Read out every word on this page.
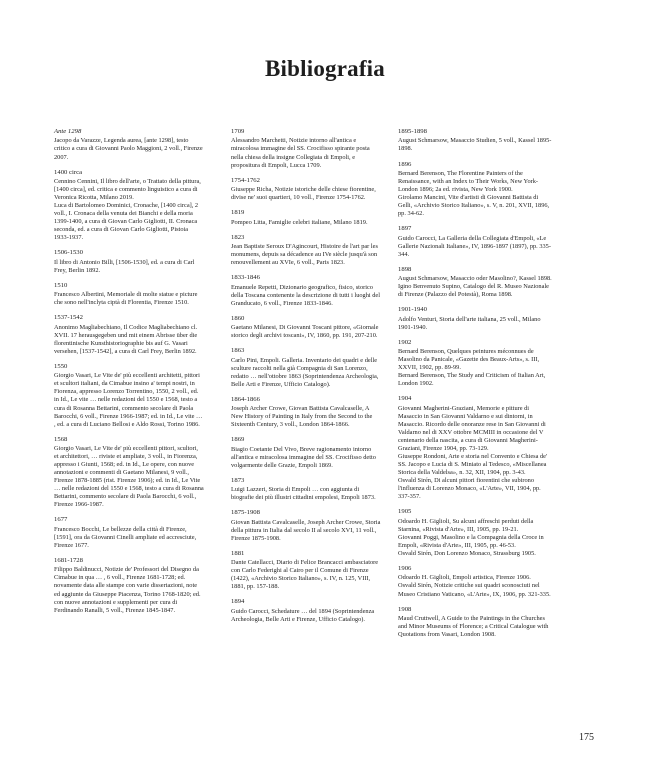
Bibliografia
Ante 1298
Jacopo da Varazze, Legenda aurea, [ante 1298], testo critico a cura di Giovanni Paolo Maggioni, 2 voll., Firenze 2007.
1400 circa
Cennino Cennini, Il libro dell'arte, o Trattato della pittura, [1400 circa], ed. critica e commento linguistico a cura di Veronica Ricotta, Milano 2019.
Luca di Bartolomeo Dominici, Cronache, [1400 circa], 2 voll., I. Cronaca della venuta dei Bianchi e della moria 1399-1400, a cura di Giovan Carlo Gigliotti, II. Cronaca seconda, ed. a cura di Giovan Carlo Gigliotti, Pistoia 1933-1937.
1506-1530
Il libro di Antonio Billi, [1506-1530], ed. a cura di Carl Frey, Berlin 1892.
1510
Francesco Albertini, Memoriale di molte statue e picture che sono nell'inclyta ciptà di Florentia, Firenze 1510.
1537-1542
Anonimo Magliabechiano, Il Codice Magliabechiano cl. XVII. 17 herausgegeben und mit einem Abrisse über die florentinische Kunsthistoriographie bis auf G. Vasari versehen, [1537-1542], a cura di Carl Frey, Berlin 1892.
1550
Giorgio Vasari, Le Vite de' più eccellenti architetti, pittori et scultori italiani, da Cimabue insino a' tempi nostri, in Fiorenza, appresso Lorenzo Torrentino, 1550, 2 voll., ed. in Id., Le vite … nelle redazioni del 1550 e 1568, testo a cura di Rosanna Bettarini, commento secolare di Paola Barocchi, 6 voll., Firenze 1966-1987; ed. in Id., Le vite … , ed. a cura di Luciano Bellosi e Aldo Rossi, Torino 1986.
1568
Giorgio Vasari, Le Vite de' più eccellenti pittori, scultori, et architettori, … riviste et ampliate, 3 voll., in Fiorenza, appresso i Giunti, 1568; ed. in Id., Le opere, con nuove annotazioni e commenti di Gaetano Milanesi, 9 voll., Firenze 1878-1885 (rist. Firenze 1906); ed. in Id., Le Vite … nelle redazioni del 1550 e 1568, testo a cura di Rosanna Bettarini, commento secolare di Paola Barocchi, 6 voll., Firenze 1966-1987.
1677
Francesco Bocchi, Le bellezze della città di Firenze, [1591], ora da Giovanni Cinelli ampliate ed accresciute, Firenze 1677.
1681-1728
Filippo Baldinucci, Notizie de' Professori del Disegno da Cimabue in qua … , 6 voll., Firenze 1681-1728; ed. novamente data alle stampe con varie dissertazioni, note ed aggiunte da Giuseppe Piacenza, Torino 1768-1820; ed. con nuove annotazioni e supplementi per cura di Ferdinando Ranalli, 5 voll., Firenze 1845-1847.
1709
Alessandro Marchetti, Notizie intorno all'antica e miracolosa immagine del SS. Crocifisso spirante posta nella chiesa della insigne Collegiata di Empoli, e propositura di Empoli, Lucca 1709.
1754-1762
Giuseppe Richa, Notizie istoriche delle chiese fiorentine, divise ne' suoi quartieri, 10 voll., Firenze 1754-1762.
1819
Pompeo Litta, Famiglie celebri italiane, Milano 1819.
1823
Jean Baptiste Seroux D'Agincourt, Histoire de l'art par les monumens, depuis sa décadence au IVe siècle jusqu'à son renouvellement au XVIe, 6 voll., Paris 1823.
1833-1846
Emanuele Repetti, Dizionario geografico, fisico, storico della Toscana contenente la descrizione di tutti i luoghi del Granducato, 6 voll., Firenze 1833-1846.
1860
Gaetano Milanesi, Di Giovanni Toscani pittore, «Giornale storico degli archivi toscani», IV, 1860, pp. 191, 207-210.
1863
Carlo Pini, Empoli. Galleria. Inventario dei quadri e delle sculture raccolti nella già Compagnia di San Lorenzo, redatto … nell'ottobre 1863 (Soprintendenza Archeologia, Belle Arti e Firenze, Ufficio Catalogo).
1864-1866
Joseph Archer Crowe, Giovan Battista Cavalcaselle, A New History of Painting in Italy from the Second to the Sixteenth Century, 3 voll., London 1864-1866.
1869
Biagio Coetante Del Vivo, Breve ragionamento intorno all'antica e miracolosa immagine del SS. Crocifisso detto volgarmente delle Grazie, Empoli 1869.
1873
Luigi Lazzeri, Storia di Empoli … con aggiunta di biografie dei più illustri cittadini empolesi, Empoli 1873.
1875-1908
Giovan Battista Cavalcaselle, Joseph Archer Crowe, Storia della pittura in Italia dal secolo II al secolo XVI, 11 voll., Firenze 1875-1908.
1881
Dante Catellacci, Diario di Felice Brancacci ambasciatore con Carlo Federighi al Cairo per il Comune di Firenze (1422), «Archivio Storico Italiano», s. IV, n. 125, VIII, 1881, pp. 157-188.
1894
Guido Carocci, Schedature … del 1894 (Soprintendenza Archeologia, Belle Arti e Firenze, Ufficio Catalogo).
1895-1898
August Schmarsow, Masaccio Studien, 5 voll., Kassel 1895-1898.
1896
Bernard Berenson, The Florentine Painters of the Renaissance, with an Index to Their Works, New York-London 1896; 2a ed. rivista, New York 1900.
Girolamo Mancini, Vite d'artisti di Giovanni Battista di Gelli, «Archivio Storico Italiano», s. V, n. 201, XVII, 1896, pp. 34-62.
1897
Guido Carocci, La Galleria della Collegiata d'Empoli, «Le Gallerie Nazionali Italiane», IV, 1896-1897 (1897), pp. 335-344.
1898
August Schmarsow, Masaccio oder Masolino?, Kassel 1898.
Igino Benvenuto Supino, Catalogo del R. Museo Nazionale di Firenze (Palazzo del Potestà), Roma 1898.
1901-1940
Adolfo Venturi, Storia dell'arte italiana, 25 voll., Milano 1901-1940.
1902
Bernard Berenson, Quelques peintures méconnues de Masolino da Panicale, «Gazette des Beaux-Arts», s. III, XXVII, 1902, pp. 89-99.
Bernard Berenson, The Study and Criticism of Italian Art, London 1902.
1904
Giovanni Magherini-Graziani, Memorie e pitture di Masaccio in San Giovanni Valdarno e sui dintorni, in Masaccio. Ricordo delle onoranze rese in San Giovanni di Valdarno nel di XXV ottobre MCMIII in occasione del V centenario della nascita, a cura di Giovanni Magherini-Graziani, Firenze 1904, pp. 73-129.
Giuseppe Rondoni, Arte e storia nel Convento e Chiesa de' SS. Jacopo e Lucia di S. Miniato al Tedesco, «Miscellanea Storica della Valdelsa», n. 32, XII, 1904, pp. 3-43.
Osvald Sirén, Di alcuni pittori fiorentini che subirono l'influenza di Lorenzo Monaco, «L'Arte», VII, 1904, pp. 337-357.
1905
Odoardo H. Giglioli, Su alcuni affreschi perduti della Starnina, «Rivista d'Arte», III, 1905, pp. 19-21.
Giovanni Poggi, Masolino e la Compagnia della Croce in Empoli, «Rivista d'Arte», III, 1905, pp. 46-53.
Osvald Sirén, Don Lorenzo Monaco, Strassburg 1905.
1906
Odoardo H. Giglioli, Empoli artistica, Firenze 1906.
Osvald Sirén, Notizie critiche sui quadri sconosciuti nel Museo Cristiano Vaticano, «L'Arte», IX, 1906, pp. 321-335.
1908
Maud Cruttwell, A Guide to the Paintings in the Churches and Minor Museums of Florence; a Critical Catalogue with Quotations from Vasari, London 1908.
175
